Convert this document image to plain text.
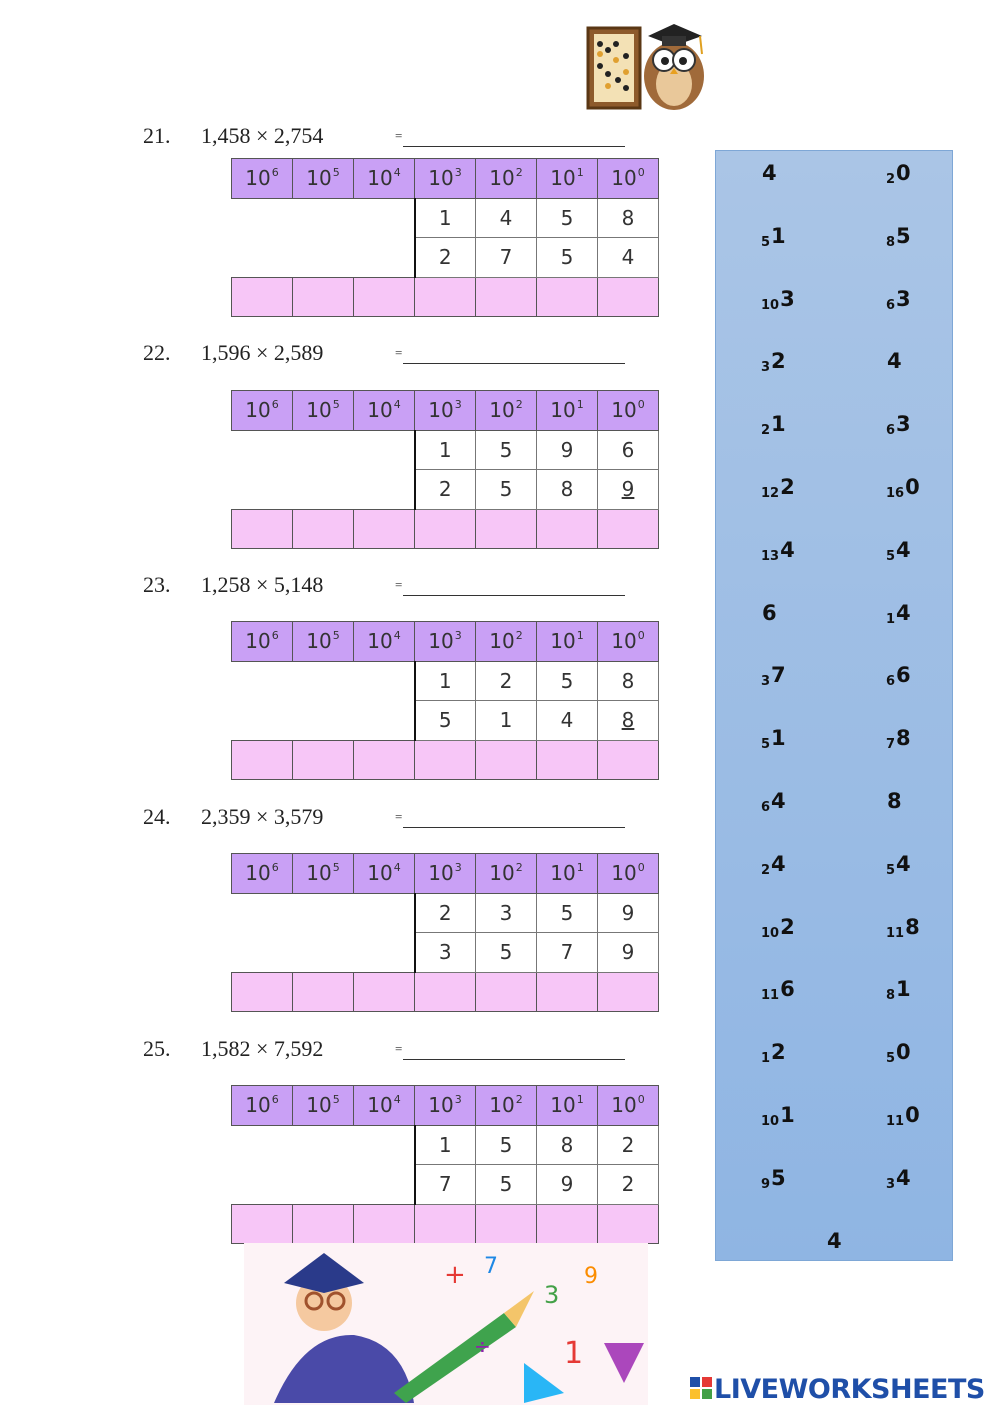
21.	1,458 × 2,754	=
$10^6$	$10^5$	$10^4$	$10^3$	$10^2$	$10^1$	$10^0$
			1	4	5	8
			2	7	5	4

22.	1,596 × 2,589	=
$10^6$	$10^5$	$10^4$	$10^3$	$10^2$	$10^1$	$10^0$
			1	5	9	6
			2	5	8	9

23.	1,258 × 5,148	=
$10^6$	$10^5$	$10^4$	$10^3$	$10^2$	$10^1$	$10^0$
			1	2	5	8
			5	1	4	8

24.	2,359 × 3,579	=
$10^6$	$10^5$	$10^4$	$10^3$	$10^2$	$10^1$	$10^0$
			2	3	5	9
			3	5	7	9

25.	1,582 × 7,592	=
$10^6$	$10^5$	$10^4$	$10^3$	$10^2$	$10^1$	$10^0$
			1	5	8	2
			7	5	9	2

4	$_2$0
$_5$1	$_8$5
$_{10}$3	$_6$3
$_3$2	4
$_2$1	$_6$3
$_{12}$2	$_{16}$0
$_{13}$4	$_5$4
6	$_1$4
$_3$7	$_6$6
$_5$1	$_7$8
$_6$4	8
$_2$4	$_5$4
$_{10}$2	$_{11}$8
$_{11}$6	$_8$1
$_1$2	$_5$0
$_{10}$1	$_{11}$0
$_9$5	$_3$4
4
+ 7
3
9
1
÷
LIVEWORKSHEETS
